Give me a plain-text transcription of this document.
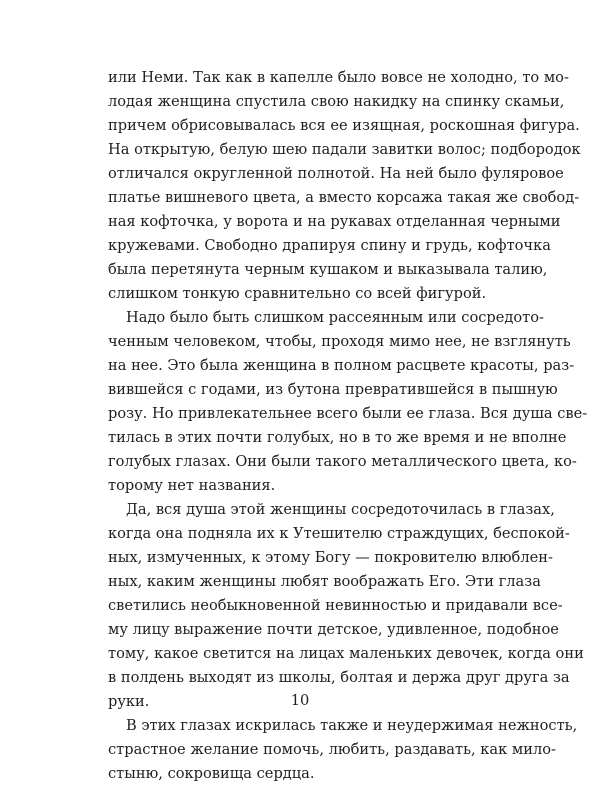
или Неми. Так как в капелле было вовсе не холодно, то мо-
лодая женщина спустила свою накидку на спинку скамьи,
причем обрисовывалась вся ее изящная, роскошная фигура.
На открытую, белую шею падали завитки волос; подбородок
отличался округленной полнотой. На ней было фуляровое
платье вишневого цвета, а вместо корсажа такая же свобод-
ная кофточка, у ворота и на рукавах отделанная черными
кружевами. Свободно драпируя спину и грудь, кофточка
была перетянута черным кушаком и выказывала талию,
слишком тонкую сравнительно со всей фигурой.
Надо было быть слишком рассеянным или сосредото-
ченным человеком, чтобы, проходя мимо нее, не взглянуть
на нее. Это была женщина в полном расцвете красоты, раз-
вившейся с годами, из бутона превратившейся в пышную
розу. Но привлекательнее всего были ее глаза. Вся душа све-
тилась в этих почти голубых, но в то же время и не вполне
голубых глазах. Они были такого металлического цвета, ко-
торому нет названия.
Да, вся душа этой женщины сосредоточилась в глазах,
когда она подняла их к Утешителю страждущих, беспокой-
ных, измученных, к этому Богу — покровителю влюблен-
ных, каким женщины любят воображать Его. Эти глаза
светились необыкновенной невинностью и придавали все-
му лицу выражение почти детское, удивленное, подобное
тому, какое светится на лицах маленьких девочек, когда они
в полдень выходят из школы, болтая и держа друг друга за
руки.
В этих глазах искрилась также и неудержимая нежность,
страстное желание помочь, любить, раздавать, как мило-
стыню, сокровища сердца.
10
